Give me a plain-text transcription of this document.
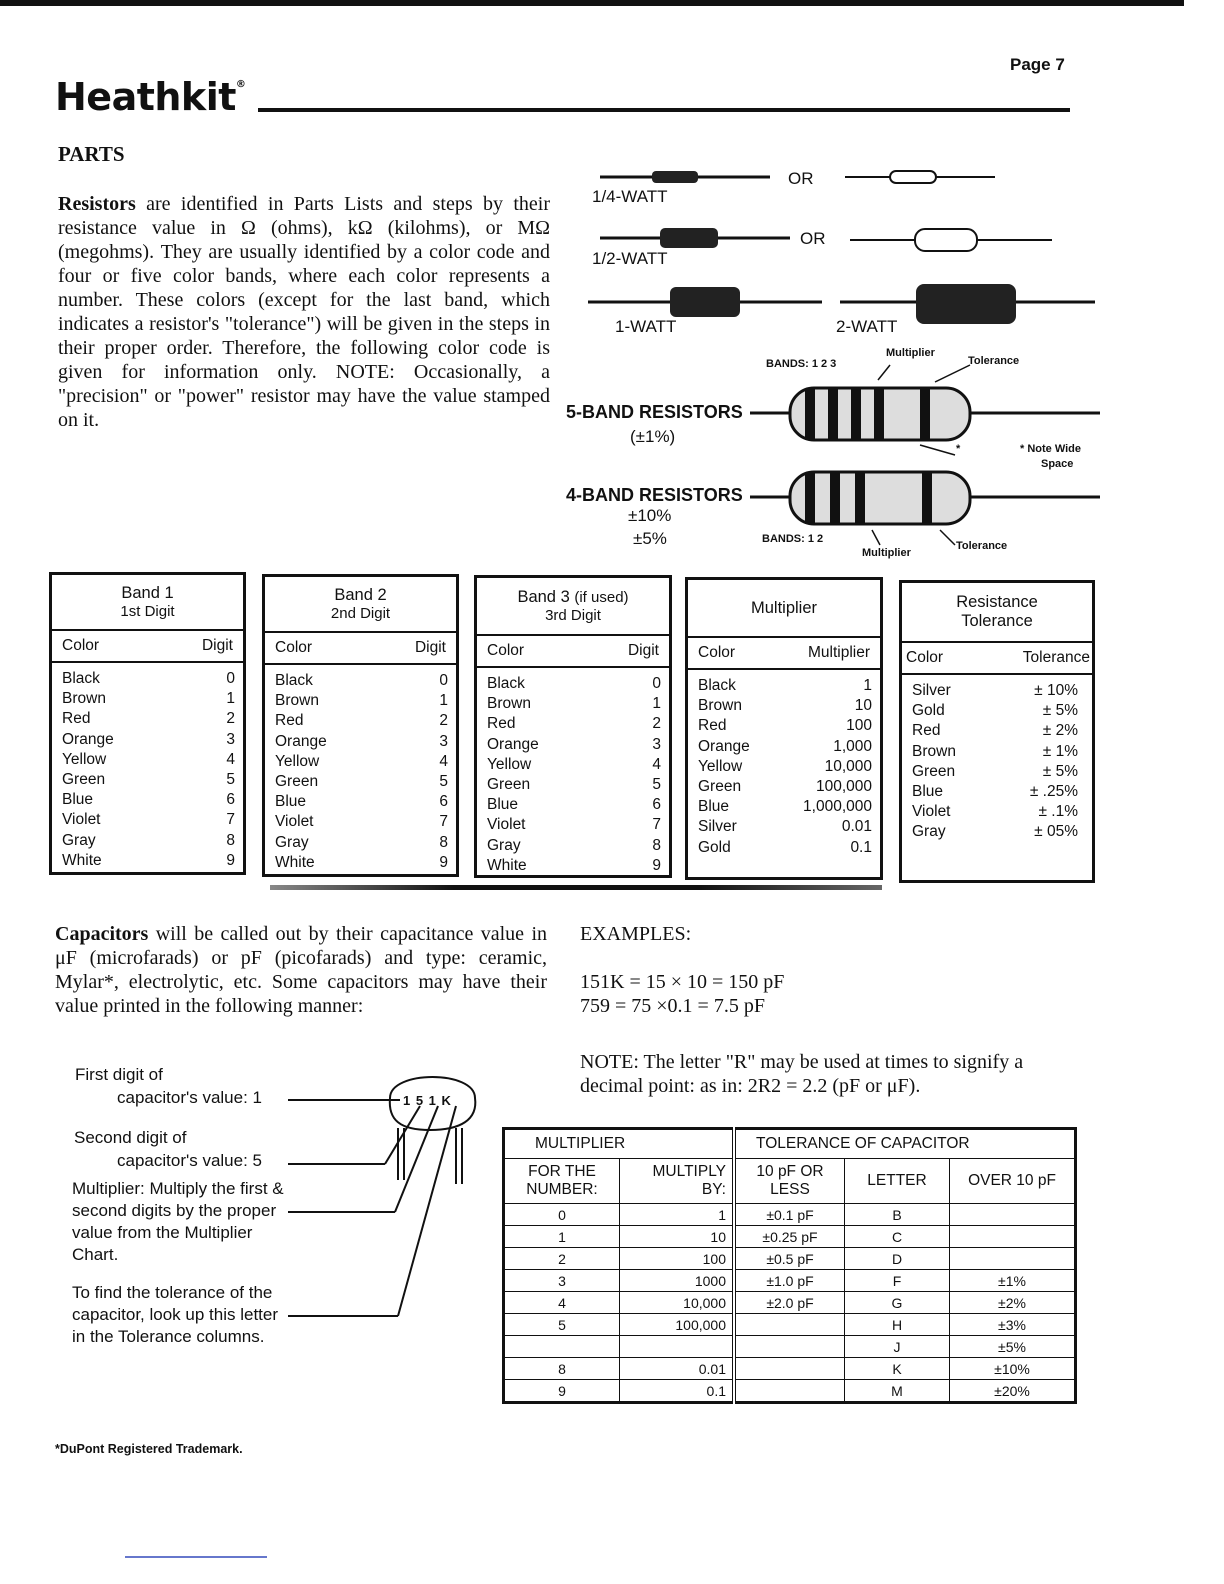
Page 7
Heathkit®
PARTS
Resistors are identified in Parts Lists and steps by their resistance value in Ω (ohms), kΩ (kilohms), or MΩ (megohms). They are usually identified by a color code and four or five color bands, where each color represents a number. These colors (except for the last band, which indicates a resistor's "tolerance") will be given in the steps in their proper order. Therefore, the following color code is given for information only. NOTE: Occasionally, a "precision" or "power" resistor may have the value stamped on it.
1/4-WATT
OR
1/2-WATT
OR
1-WATT	2-WATT
BANDS: 1 2 3
Multiplier
Tolerance
5-BAND RESISTORS
(±1%)
*	* Note Wide
Space
4-BAND RESISTORS
±10%
±5%	BANDS: 1 2
Multiplier
Tolerance
Band 1
1st Digit
Color	Digit
Black	0
Brown	1
Red	2
Orange	3
Yellow	4
Green	5
Blue	6
Violet	7
Gray	8
White	9
Band 2
2nd Digit
Color	Digit
Black	0
Brown	1
Red	2
Orange	3
Yellow	4
Green	5
Blue	6
Violet	7
Gray	8
White	9
Band 3 (if used)
3rd Digit
Color	Digit
Black	0
Brown	1
Red	2
Orange	3
Yellow	4
Green	5
Blue	6
Violet	7
Gray	8
White	9
Multiplier
Color	Multiplier
Black	1
Brown	10
Red	100
Orange	1,000
Yellow	10,000
Green	100,000
Blue	1,000,000
Silver	0.01
Gold	0.1
Resistance
Tolerance
Color	Tolerance
Silver	± 10%
Gold	± 5%
Red	± 2%
Brown	± 1%
Green	± 5%
Blue	± .25%
Violet	± .1%
Gray	± 05%
Capacitors will be called out by their capacitance value in μF (microfarads) or pF (picofarads) and type: ceramic, Mylar*, electrolytic, etc. Some capacitors may have their value printed in the following manner:
EXAMPLES:
151K = 15 × 10 = 150 pF
759 = 75 ×0.1 = 7.5 pF
NOTE: The letter "R" may be used at times to signify a decimal point: as in: 2R2 = 2.2 (pF or μF).
First digit of
capacitor's value: 1
Second digit of
capacitor's value: 5
Multiplier: Multiply the first & second digits by the proper value from the Multiplier Chart.
To find the tolerance of the capacitor, look up this letter in the Tolerance columns.
1 5 1 K
MULTIPLIER		TOLERANCE OF CAPACITOR		
FOR THE NUMBER:	MULTIPLY BY:	10 pF OR LESS	LETTER	OVER 10 pF
0	1	±0.1 pF	B	
1	10	±0.25 pF	C	
2	100	±0.5 pF	D	
3	1000	±1.0 pF	F	±1%
4	10,000	±2.0 pF	G	±2%
5	100,000		H	±3%
			J	±5%
8	0.01		K	±10%
9	0.1		M	±20%
*DuPont Registered Trademark.
